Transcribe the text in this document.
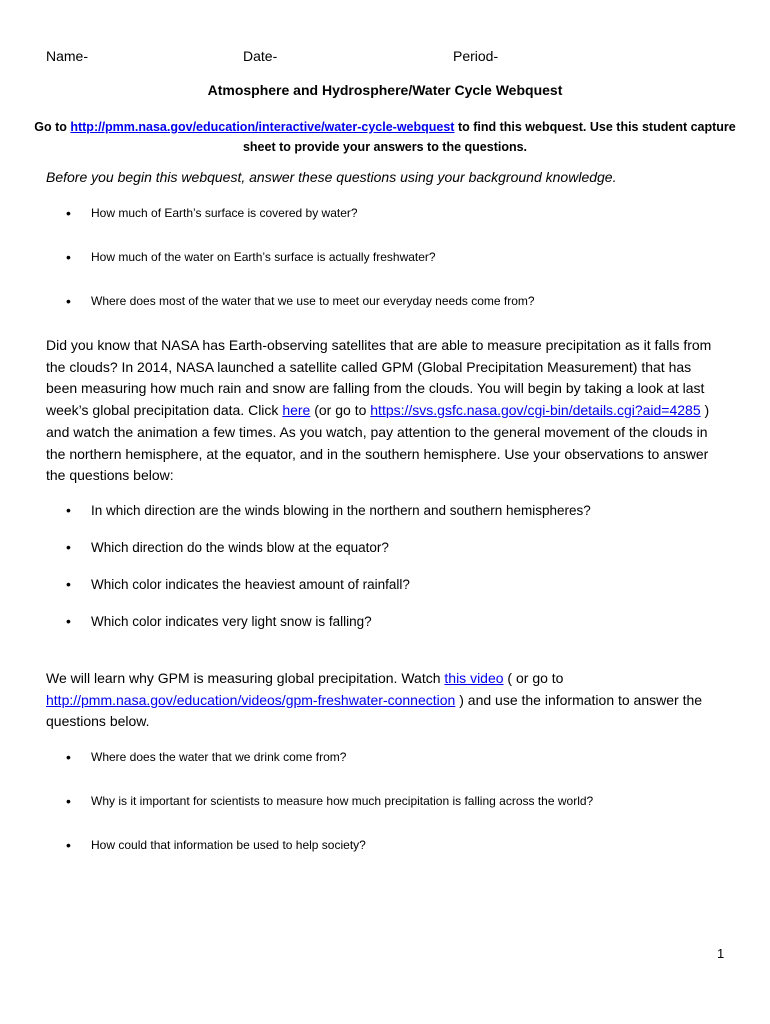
Name-	Date-	Period-
Atmosphere and Hydrosphere/Water Cycle Webquest
Go to http://pmm.nasa.gov/education/interactive/water-cycle-webquest to find this webquest. Use this student capture sheet to provide your answers to the questions.
Before you begin this webquest, answer these questions using your background knowledge.
• How much of Earth’s surface is covered by water?
• How much of the water on Earth’s surface is actually freshwater?
• Where does most of the water that we use to meet our everyday needs come from?
Did you know that NASA has Earth-observing satellites that are able to measure precipitation as it falls from the clouds? In 2014, NASA launched a satellite called GPM (Global Precipitation Measurement) that has been measuring how much rain and snow are falling from the clouds. You will begin by taking a look at last week’s global precipitation data. Click here (or go to https://svs.gsfc.nasa.gov/cgi-bin/details.cgi?aid=4285 ) and watch the animation a few times. As you watch, pay attention to the general movement of the clouds in the northern hemisphere, at the equator, and in the southern hemisphere. Use your observations to answer the questions below:
• In which direction are the winds blowing in the northern and southern hemispheres?
• Which direction do the winds blow at the equator?
• Which color indicates the heaviest amount of rainfall?
• Which color indicates very light snow is falling?
We will learn why GPM is measuring global precipitation. Watch this video ( or go to
http://pmm.nasa.gov/education/videos/gpm-freshwater-connection ) and use the information to answer the questions below.
• Where does the water that we drink come from?
• Why is it important for scientists to measure how much precipitation is falling across the world?
• How could that information be used to help society?
1
